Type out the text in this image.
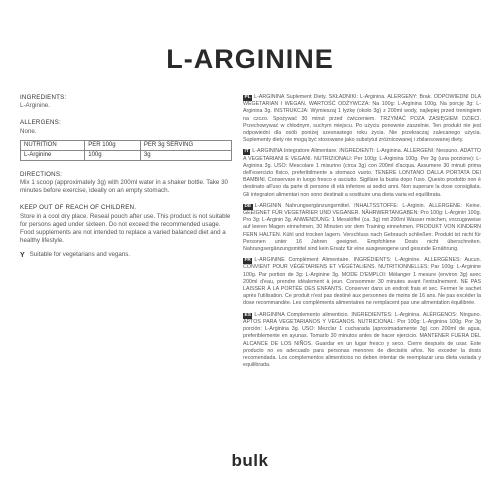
L-ARGININE
INGREDIENTS:
L-Arginine.
ALLERGENS:
None.
NUTRITION	PER 100g	PER 3g SERVING
L-Arginine	100g	3g
DIRECTIONS:
Mix 1 scoop (approximately 3g) with 200ml water in a shaker bottle. Take 30 minutes before exercise, ideally on an empty stomach.
KEEP OUT OF REACH OF CHILDREN.
Store in a cool dry place. Reseal pouch after use. This product is not suitable for persons aged under sixteen. Do not exceed the recommended usage. Food supplements are not intended to replace a varied balanced diet and a healthy lifestyle.
Y Suitable for vegetarians and vegans.
PL L-ARGININA Suplement Diety. SKŁADNIKI: L-Arginina. ALERGENY: Brak. ODPOWIEDNI DLA WEGETARIAN I WEGAN. WARTOŚĆ ODŻYWCZA: Na 100g: L-Arginina 100g. Na porcję 3g: L-Arginina 3g. INSTRUKCJA: Wymieszaj 1 łyżkę (około 3g) z 200ml wody, najlepiej przed treningiem na czczo. Spożywać 30 minut przed ćwiczeniem. TRZYMAĆ POZA ZASIĘGIEM DZIECI. Przechowywać w chłodnym, suchym miejscu. Po użyciu ponownie zaszelnie. Ten produkt nie jest odpowiedni dla osób poniżej szesnastego roku życia. Nie przekraczaj zalecanego użycia. Suplementy diety nie mogą być stosowane jako substytut zróżnicowanej i zbilansowanej diety.
IT L-ARGININA Integratore Alimentare. INGREDIENTI: L-Arginina. ALLERGENI: Nessuno. ADATTO A VEGETARIANI E VEGANI. NUTRIZIONALI: Per 100g: L-Arginina 100g. Per 3g (una porzione): L-Arginina 3g. USO: Mescolare 1 misurino (circa 3g) con 200ml d'acqua. Assumere 30 minuti prima dell'esercizio fisico, preferibilmente a stomaco vuoto. TENERE LONTANO DALLA PORTATA DEI BAMBINI. Conservare in luogo fresco e asciutto. Sigillare la busta dopo l'uso. Questo prodotto non è destinato all'uso da parte di persone di età inferiore ai sedici anni. Non superare la dose consigliata. Gli integratori alimentari non sono destinati a sostituire una dieta varia ed equilibrata.
DE L-ARGININ Nahrungsergänzungsmittel. INHALTSSTOFFE: L-Arginin. ALLERGENE: Keine. GEEIGNET FÜR VEGETARIER UND VEGANER. NÄHRWERTANGABEN: Pro 100g: L-Arginin 100g. Pro 3g: L-Arginin 3g. ANWENDUNG: 1 Messlöffel (ca. 3g) mit 200ml Wasser mischen, vorzugsweise auf leeren Magen einnehmen, 30 Minuten vor dem Training einnehmen. PRODUKT VON KINDERN FERN HALTEN. Kühl und trocken lagern. Verschluss nach Gebrauch schließen. Produkt ist nicht für Personen unter 16 Jahren geeignet. Empfohlene Dosis nicht überschreiten. Nahrungsergänzungsmittel sind kein Ersatz für eine ausgewogene und gesunde Ernährung.
FR L-ARGININE Complément Alimentaire. INGRÉDIENTS: L-Arginine. ALLERGÈNES: Aucun. CONVIENT POUR VÉGÉTARIENS ET VÉGÉTALIENS. NUTRITIONNELLES: Par 100g: L-Arginine 100g. Par portion de 3g: L-Arginine 3g. MODE D'EMPLOI: Mélanger 1 mesure (environ 3g) avec 200ml d'eau, prendre idéalement à jeun. Consommer 30 minutes avant l'entraînement. NE PAS LAISSER À LA PORTÉE DES ENFANTS. Conserver dans un endroit frais et sec. Fermer le sachet après l'utilisation. Ce produit n'est pas destiné aux personnes de moins de 16 ans. Ne pas excéder la dose recommandée. Les compléments alimentaires ne remplacent pas une alimentation équilibrée.
ES L-ARGININA Complemento alimenticio. INGREDIENTES: L-Arginina. ALÉRGENOS: Ninguno. APTOS PARA VEGETARIANOS Y VEGANOS. NUTRICIONAL: Por 100g: L-Arginina 100g. Por 3g porción: L-Arginina 3g. USO: Mezclar 1 cucharada (aproximadamente 3g) con 200ml de agua, preferiblemente en ayunas. Tomarlo 30 minutos antes de hacer ejercicio. MANTENER FUERA DEL ALCANCE DE LOS NIÑOS. Guardar en un lugar fresco y seco. Cierre después de usar. Este producto no es adecuado para personas menores de dieciséis años. No exceder la dosis recomendada. Los complementos alimenticios no deben intentar de reemplazar una dieta variada y equilibrada.
bulk
